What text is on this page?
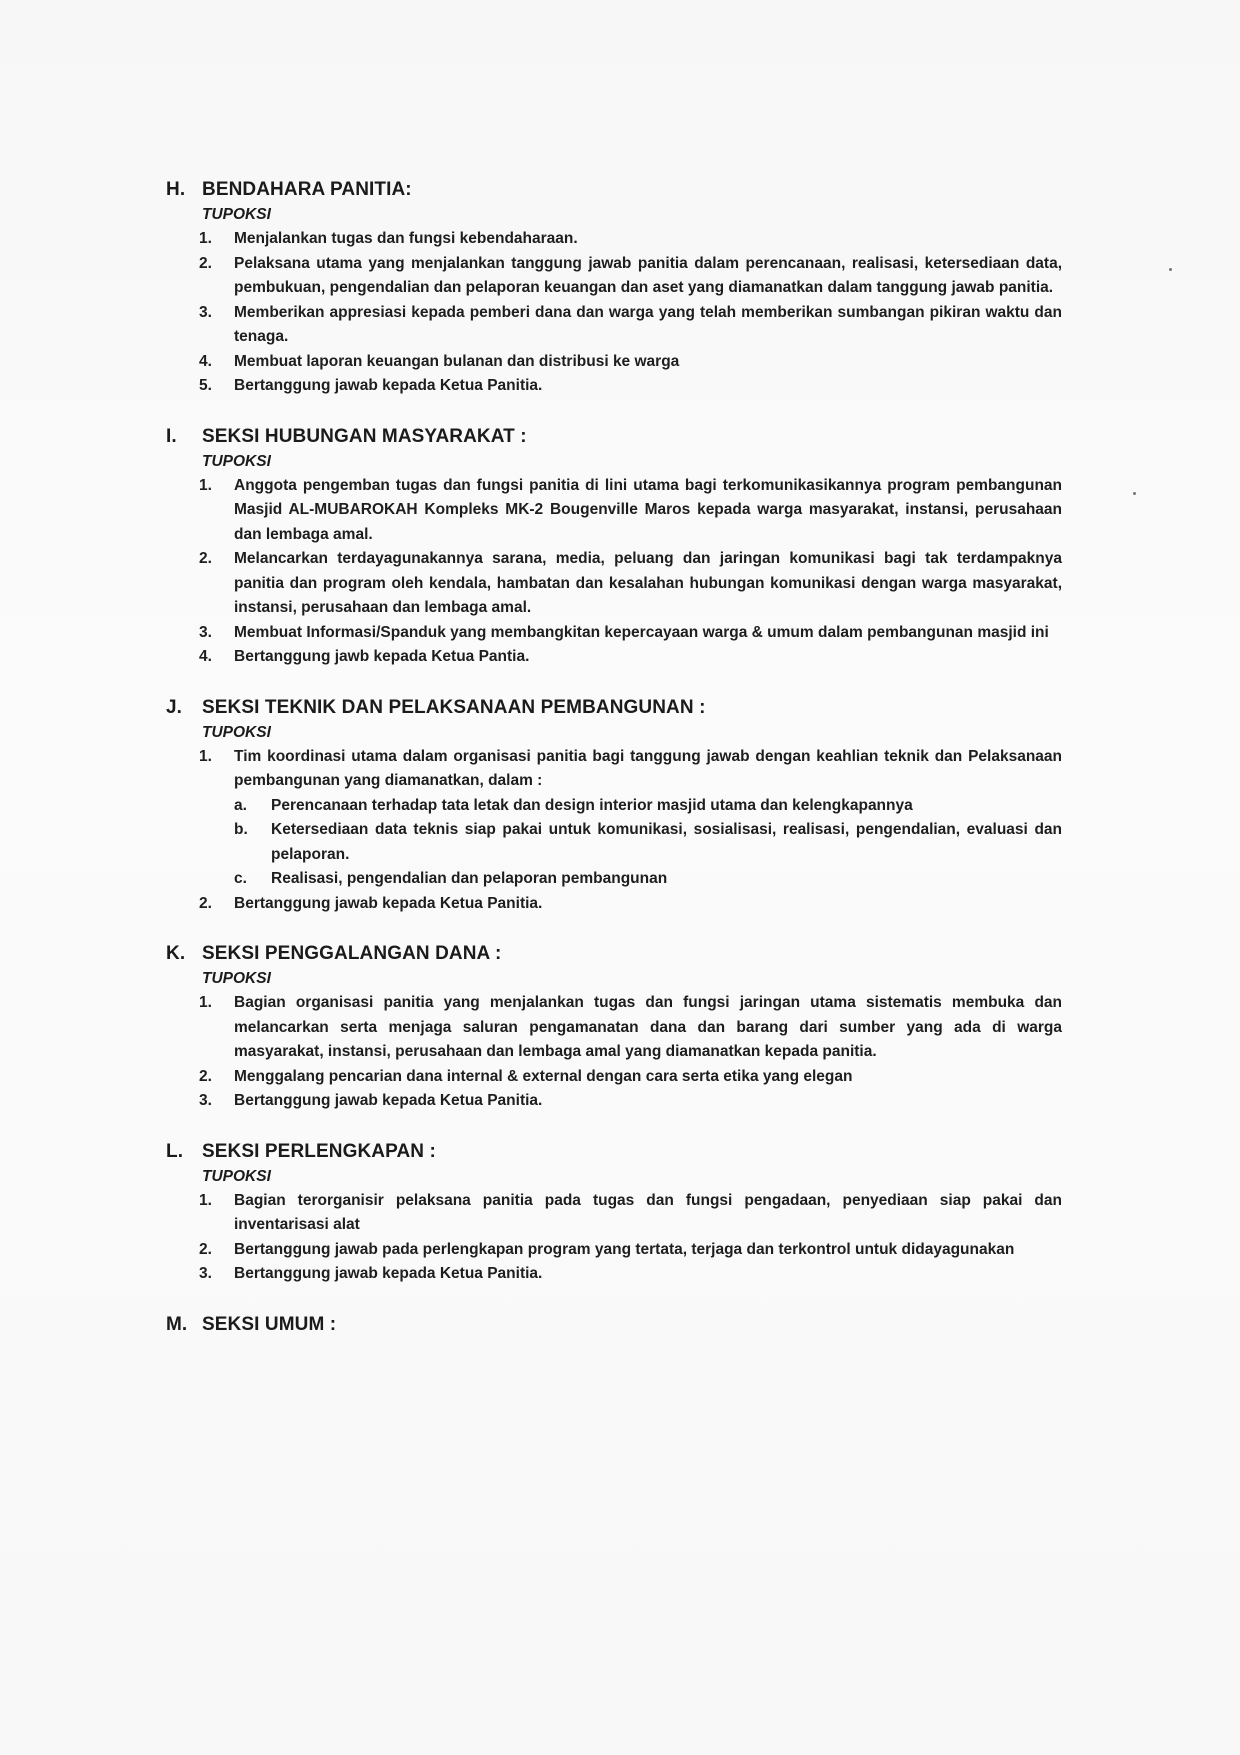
H. BENDAHARA PANITIA:
TUPOKSI
1.	Menjalankan tugas dan fungsi kebendaharaan.
2.	Pelaksana utama yang menjalankan tanggung jawab panitia dalam perencanaan, realisasi, ketersediaan data, pembukuan, pengendalian dan pelaporan keuangan dan aset yang diamanatkan dalam tanggung jawab panitia.
3.	Memberikan appresiasi kepada pemberi dana dan warga yang telah memberikan sumbangan pikiran waktu dan tenaga.
4.	Membuat laporan keuangan bulanan dan distribusi ke warga
5.	Bertanggung jawab kepada Ketua Panitia.
I.	SEKSI HUBUNGAN MASYARAKAT :
TUPOKSI
1.	Anggota pengemban tugas dan fungsi panitia di lini utama bagi terkomunikasikannya program pembangunan Masjid AL-MUBAROKAH Kompleks MK-2 Bougenville Maros kepada warga masyarakat, instansi, perusahaan dan lembaga amal.
2.	Melancarkan terdayagunakannya sarana, media, peluang dan jaringan komunikasi bagi tak terdampaknya panitia dan program oleh kendala, hambatan dan kesalahan hubungan komunikasi dengan warga masyarakat, instansi, perusahaan dan lembaga amal.
3.	Membuat Informasi/Spanduk yang membangkitan kepercayaan warga & umum dalam pembangunan masjid ini
4.	Bertanggung jawb kepada Ketua Pantia.
J.	SEKSI TEKNIK DAN PELAKSANAAN PEMBANGUNAN :
TUPOKSI
1.	Tim koordinasi utama dalam organisasi panitia bagi tanggung jawab dengan keahlian teknik dan Pelaksanaan pembangunan yang diamanatkan, dalam :
a.	Perencanaan terhadap tata letak dan design interior masjid utama dan kelengkapannya
b.	Ketersediaan data teknis siap pakai untuk komunikasi, sosialisasi, realisasi, pengendalian, evaluasi dan pelaporan.
c.	Realisasi, pengendalian dan pelaporan pembangunan
2.	Bertanggung jawab kepada Ketua Panitia.
K. SEKSI PENGGALANGAN DANA :
TUPOKSI
1.	Bagian organisasi panitia yang menjalankan tugas dan fungsi jaringan utama sistematis membuka dan melancarkan serta menjaga saluran pengamanatan dana dan barang dari sumber yang ada di warga masyarakat, instansi, perusahaan dan lembaga amal yang diamanatkan kepada panitia.
2.	Menggalang pencarian dana internal & external dengan cara serta etika yang elegan
3.	Bertanggung jawab kepada Ketua Panitia.
L. SEKSI PERLENGKAPAN :
TUPOKSI
1.	Bagian terorganisir pelaksana panitia pada tugas dan fungsi pengadaan, penyediaan siap pakai dan inventarisasi alat
2.	Bertanggung jawab pada perlengkapan program yang tertata, terjaga dan terkontrol untuk didayagunakan
3.	Bertanggung jawab kepada Ketua Panitia.
M. SEKSI UMUM :
